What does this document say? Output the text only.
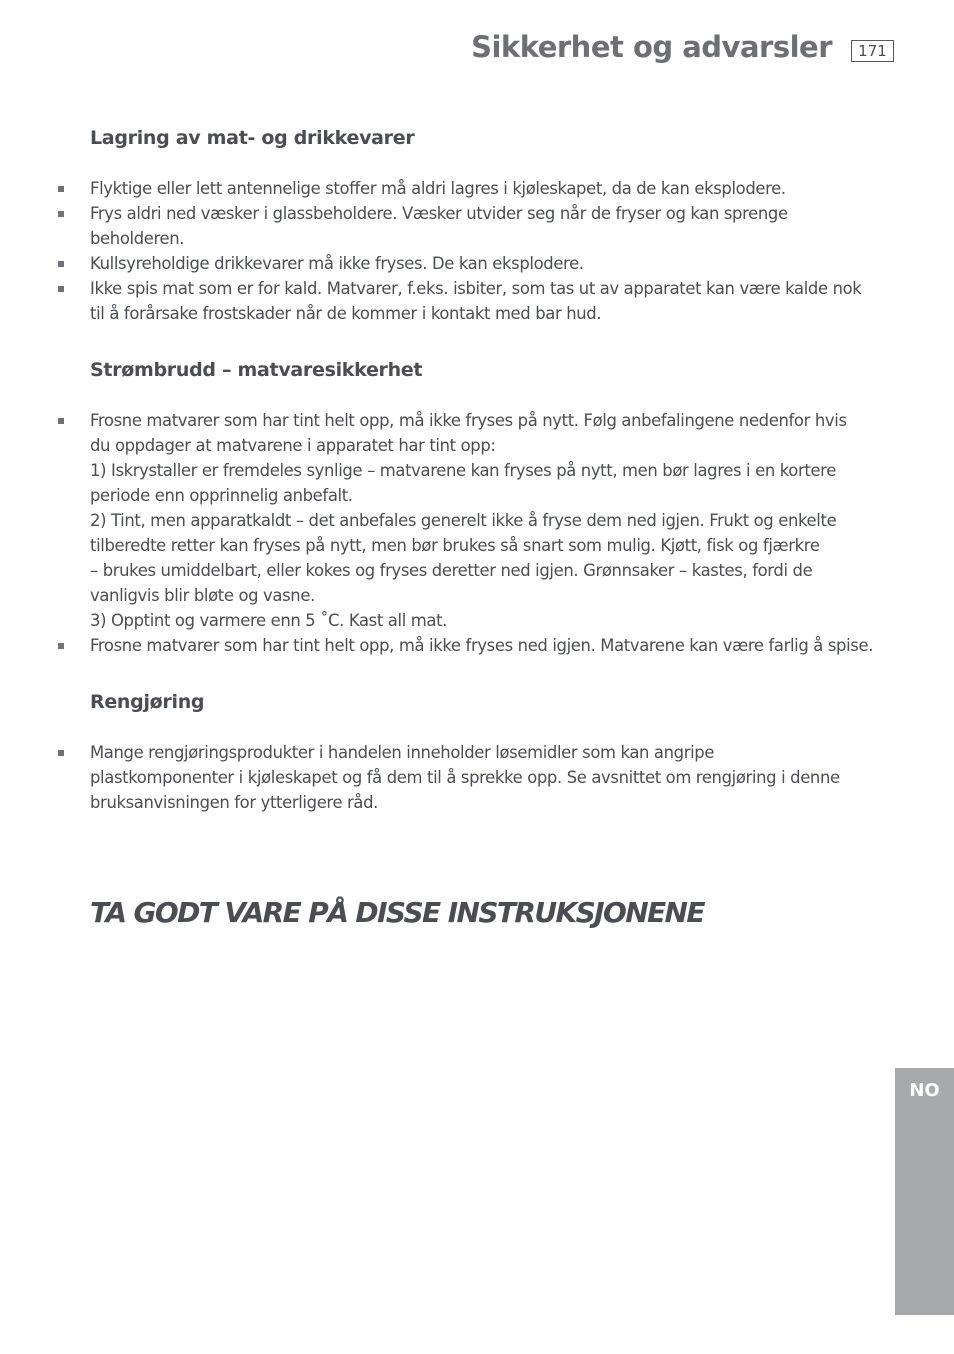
Sikkerhet og advarsler	171
Lagring av mat- og drikkevarer
Flyktige eller lett antennelige stoffer må aldri lagres i kjøleskapet, da de kan eksplodere.
Frys aldri ned væsker i glassbeholdere. Væsker utvider seg når de fryser og kan sprenge
beholderen.
Kullsyreholdige drikkevarer må ikke fryses. De kan eksplodere.
Ikke spis mat som er for kald. Matvarer, f.eks. isbiter, som tas ut av apparatet kan være kalde nok
til å forårsake frostskader når de kommer i kontakt med bar hud.
Strømbrudd – matvaresikkerhet
Frosne matvarer som har tint helt opp, må ikke fryses på nytt. Følg anbefalingene nedenfor hvis
du oppdager at matvarene i apparatet har tint opp:
1) Iskrystaller er fremdeles synlige – matvarene kan fryses på nytt, men bør lagres i en kortere
periode enn opprinnelig anbefalt.
2) Tint, men apparatkaldt – det anbefales generelt ikke å fryse dem ned igjen. Frukt og enkelte
tilberedte retter kan fryses på nytt, men bør brukes så snart som mulig. Kjøtt, fisk og fjærkre
– brukes umiddelbart, eller kokes og fryses deretter ned igjen. Grønnsaker – kastes, fordi de
vanligvis blir bløte og vasne.
3) Opptint og varmere enn 5 ˚C. Kast all mat.
Frosne matvarer som har tint helt opp, må ikke fryses ned igjen. Matvarene kan være farlig å spise.
Rengjøring
Mange rengjøringsprodukter i handelen inneholder løsemidler som kan angripe
plastkomponenter i kjøleskapet og få dem til å sprekke opp. Se avsnittet om rengjøring i denne
bruksanvisningen for ytterligere råd.
TA GODT VARE PÅ DISSE INSTRUKSJONENE
NO
